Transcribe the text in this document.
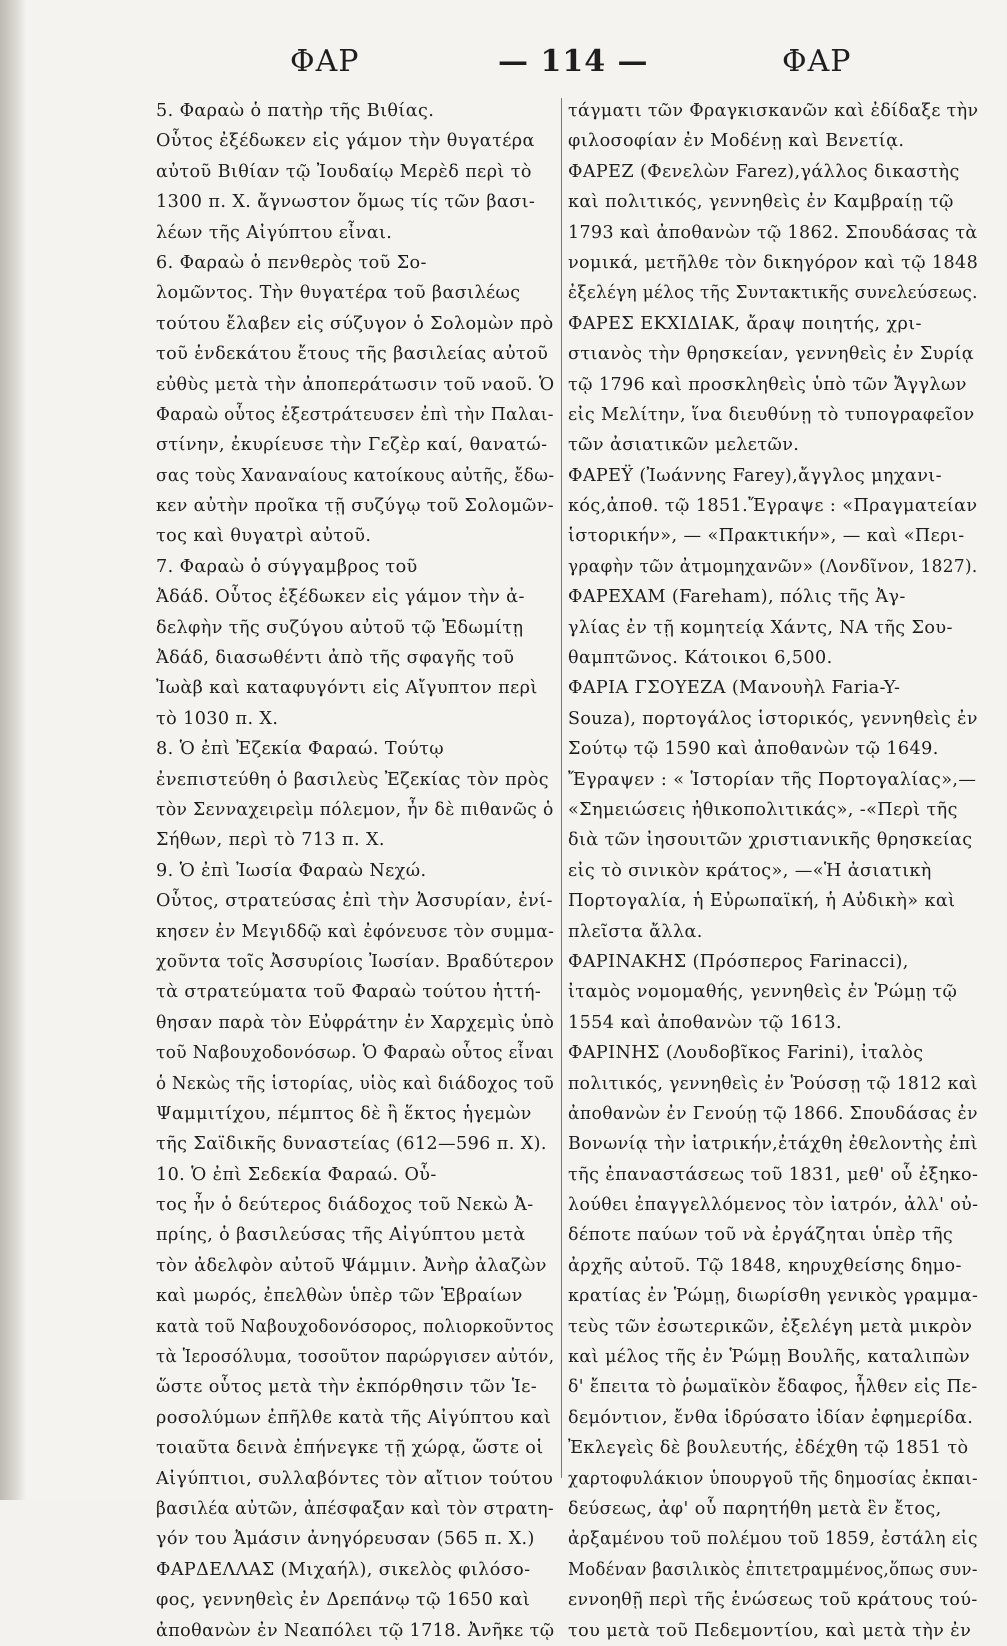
ΦΑΡ	— 114 —	ΦΑΡ
5. Φαραὼ ὁ πατὴρ τῆς Βιθίας.
Οὗτος ἐξέδωκεν εἰς γάμον τὴν θυγατέρα
αὐτοῦ Βιθίαν τῷ Ἰουδαίῳ Μερὲδ περὶ τὸ
1300 π. Χ. ἄγνωστον ὅμως τίς τῶν βασι-
λέων τῆς Αἰγύπτου εἶναι.
6. Φαραὼ ὁ πενθερὸς τοῦ Σο-
λομῶντος. Τὴν θυγατέρα τοῦ βασιλέως
τούτου ἔλαβεν εἰς σύζυγον ὁ Σολομὼν πρὸ
τοῦ ἑνδεκάτου ἔτους τῆς βασιλείας αὐτοῦ
εὐθὺς μετὰ τὴν ἀποπεράτωσιν τοῦ ναοῦ. Ὁ
Φαραὼ οὗτος ἐξεστράτευσεν ἐπὶ τὴν Παλαι-
στίνην, ἐκυρίευσε τὴν Γεζὲρ καί, θανατώ-
σας τοὺς Χαναναίους κατοίκους αὐτῆς, ἔδω-
κεν αὐτὴν προῖκα τῇ συζύγῳ τοῦ Σολομῶν-
τος καὶ θυγατρὶ αὐτοῦ.
7. Φαραὼ ὁ σύγγαμβρος τοῦ
Ἀδάδ. Οὗτος ἐξέδωκεν εἰς γάμον τὴν ἀ-
δελφὴν τῆς συζύγου αὐτοῦ τῷ Ἐδωμίτῃ
Ἀδάδ, διασωθέντι ἀπὸ τῆς σφαγῆς τοῦ
Ἰωὰβ καὶ καταφυγόντι εἰς Αἴγυπτον περὶ
τὸ 1030 π. Χ.
8. Ὁ ἐπὶ Ἐζεκία Φαραώ. Τούτῳ
ἐνεπιστεύθη ὁ βασιλεὺς Ἐζεκίας τὸν πρὸς
τὸν Σενναχειρεὶμ πόλεμον, ἦν δὲ πιθανῶς ὁ
Σήθων, περὶ τὸ 713 π. Χ.
9. Ὁ ἐπὶ Ἰωσία Φαραὼ Νεχώ.
Οὗτος, στρατεύσας ἐπὶ τὴν Ἀσσυρίαν, ἐνί-
κησεν ἐν Μεγιδδῷ καὶ ἐφόνευσε τὸν συμμα-
χοῦντα τοῖς Ἀσσυρίοις Ἰωσίαν. Βραδύτερον
τὰ στρατεύματα τοῦ Φαραὼ τούτου ἡττή-
θησαν παρὰ τὸν Εὐφράτην ἐν Χαρχεμὶς ὑπὸ
τοῦ Ναβουχοδονόσωρ. Ὁ Φαραὼ οὗτος εἶναι
ὁ Νεκὼς τῆς ἱστορίας, υἱὸς καὶ διάδοχος τοῦ
Ψαμμιτίχου, πέμπτος δὲ ἢ ἕκτος ἡγεμὼν
τῆς Σαϊδικῆς δυναστείας (612—596 π. Χ).
10. Ὁ ἐπὶ Σεδεκία Φαραώ. Οὗ-
τος ἦν ὁ δεύτερος διάδοχος τοῦ Νεκὼ Ἀ-
πρίης, ὁ βασιλεύσας τῆς Αἰγύπτου μετὰ
τὸν ἀδελφὸν αὐτοῦ Ψάμμιν. Ἀνὴρ ἀλαζὼν
καὶ μωρός, ἐπελθὼν ὑπὲρ τῶν Ἑβραίων
κατὰ τοῦ Ναβουχοδονόσορος, πολιορκοῦντος
τὰ Ἱεροσόλυμα, τοσοῦτον παρώργισεν αὐτόν,
ὥστε οὗτος μετὰ τὴν ἐκπόρθησιν τῶν Ἱε-
ροσολύμων ἐπῆλθε κατὰ τῆς Αἰγύπτου καὶ
τοιαῦτα δεινὰ ἐπήνεγκε τῇ χώρᾳ, ὥστε οἱ
Αἰγύπτιοι, συλλαβόντες τὸν αἴτιον τούτου
βασιλέα αὐτῶν, ἀπέσφαξαν καὶ τὸν στρατη-
γόν του Ἀμάσιν ἀνηγόρευσαν (565 π. Χ.)
ΦΑΡΔΕΛΛΑΣ (Μιχαήλ), σικελὸς φιλόσο-
φος, γεννηθεὶς ἐν Δρεπάνῳ τῷ 1650 καὶ
ἀποθανὼν ἐν Νεαπόλει τῷ 1718. Ἀνῆκε τῷ
τάγματι τῶν Φραγκισκανῶν καὶ ἐδίδαξε τὴν
φιλοσοφίαν ἐν Μοδένῃ καὶ Βενετίᾳ.
ΦΑΡΕΖ (Φενελὼν Farez),γάλλος δικαστὴς
καὶ πολιτικός, γεννηθεὶς ἐν Καμβραίῃ τῷ
1793 καὶ ἀποθανὼν τῷ 1862. Σπουδάσας τὰ
νομικά, μετῆλθε τὸν δικηγόρον καὶ τῷ 1848
ἐξελέγη μέλος τῆς Συντακτικῆς συνελεύσεως.
ΦΑΡΕΣ ΕΚΧΙΔΙΑΚ, ἄραψ ποιητής, χρι-
στιανὸς τὴν θρησκείαν, γεννηθεὶς ἐν Συρίᾳ
τῷ 1796 καὶ προσκληθεὶς ὑπὸ τῶν Ἄγγλων
εἰς Μελίτην, ἵνα διευθύνῃ τὸ τυπογραφεῖον
τῶν ἀσιατικῶν μελετῶν.
ΦΑΡΕΫ (Ἰωάννης Farey),ἄγγλος μηχανι-
κός,ἀποθ. τῷ 1851.Ἔγραψε : «Πραγματείαν
ἱστορικήν», — «Πρακτικήν», — καὶ «Περι-
γραφὴν τῶν ἀτμομηχανῶν» (Λονδῖνον, 1827).
ΦΑΡΕΧΑΜ (Fareham), πόλις τῆς Ἀγ-
γλίας ἐν τῇ κομητείᾳ Χάντς, ΝΑ τῆς Σου-
θαμπτῶνος. Κάτοικοι 6,500.
ΦΑΡΙΑ ΓΣΟΥΕΖΑ (Μανουὴλ Faria-Y-
Souza), πορτογάλος ἱστορικός, γεννηθεὶς ἐν
Σούτῳ τῷ 1590 καὶ ἀποθανὼν τῷ 1649.
Ἔγραψεν : « Ἱστορίαν τῆς Πορτογαλίας»,—
«Σημειώσεις ἠθικοπολιτικάς», -«Περὶ τῆς
διὰ τῶν ἰησουιτῶν χριστιανικῆς θρησκείας
εἰς τὸ σινικὸν κράτος», —«Ἡ ἀσιατικὴ
Πορτογαλία, ἡ Εὐρωπαϊκή, ἡ Αὐδικὴ» καὶ
πλεῖστα ἄλλα.
ΦΑΡΙΝΑΚΗΣ (Πρόσπερος Farinacci),
ἰταμὸς νομομαθής, γεννηθεὶς ἐν Ῥώμῃ τῷ
1554 καὶ ἀποθανὼν τῷ 1613.
ΦΑΡΙΝΗΣ (Λουδοβῖκος Farini), ἰταλὸς
πολιτικός, γεννηθεὶς ἐν Ῥούσσῃ τῷ 1812 καὶ
ἀποθανὼν ἐν Γενούῃ τῷ 1866. Σπουδάσας ἐν
Βονωνίᾳ τὴν ἰατρικήν,ἐτάχθη ἐθελοντὴς ἐπὶ
τῆς ἐπαναστάσεως τοῦ 1831, μεθ' οὗ ἐξηκο-
λούθει ἐπαγγελλόμενος τὸν ἰατρόν, ἀλλ' οὐ-
δέποτε παύων τοῦ νὰ ἐργάζηται ὑπὲρ τῆς
ἀρχῆς αὐτοῦ. Τῷ 1848, κηρυχθείσης δημο-
κρατίας ἐν Ῥώμῃ, διωρίσθη γενικὸς γραμμα-
τεὺς τῶν ἐσωτερικῶν, ἐξελέγη μετὰ μικρὸν
καὶ μέλος τῆς ἐν Ῥώμῃ Βουλῆς, καταλιπὼν
δ' ἔπειτα τὸ ῥωμαϊκὸν ἔδαφος, ἦλθεν εἰς Πε-
δεμόντιον, ἔνθα ἱδρύσατο ἰδίαν ἐφημερίδα.
Ἐκλεγεὶς δὲ βουλευτής, ἐδέχθη τῷ 1851 τὸ
χαρτοφυλάκιον ὑπουργοῦ τῆς δημοσίας ἐκπαι-
δεύσεως, ἀφ' οὗ παρητήθη μετὰ ἓν ἔτος,
ἀρξαμένου τοῦ πολέμου τοῦ 1859, ἐστάλη εἰς
Μοδέναν βασιλικὸς ἐπιτετραμμένος,ὅπως συν-
εννοηθῇ περὶ τῆς ἑνώσεως τοῦ κράτους τού-
του μετὰ τοῦ Πεδεμοντίου, καὶ μετὰ τὴν ἐν
